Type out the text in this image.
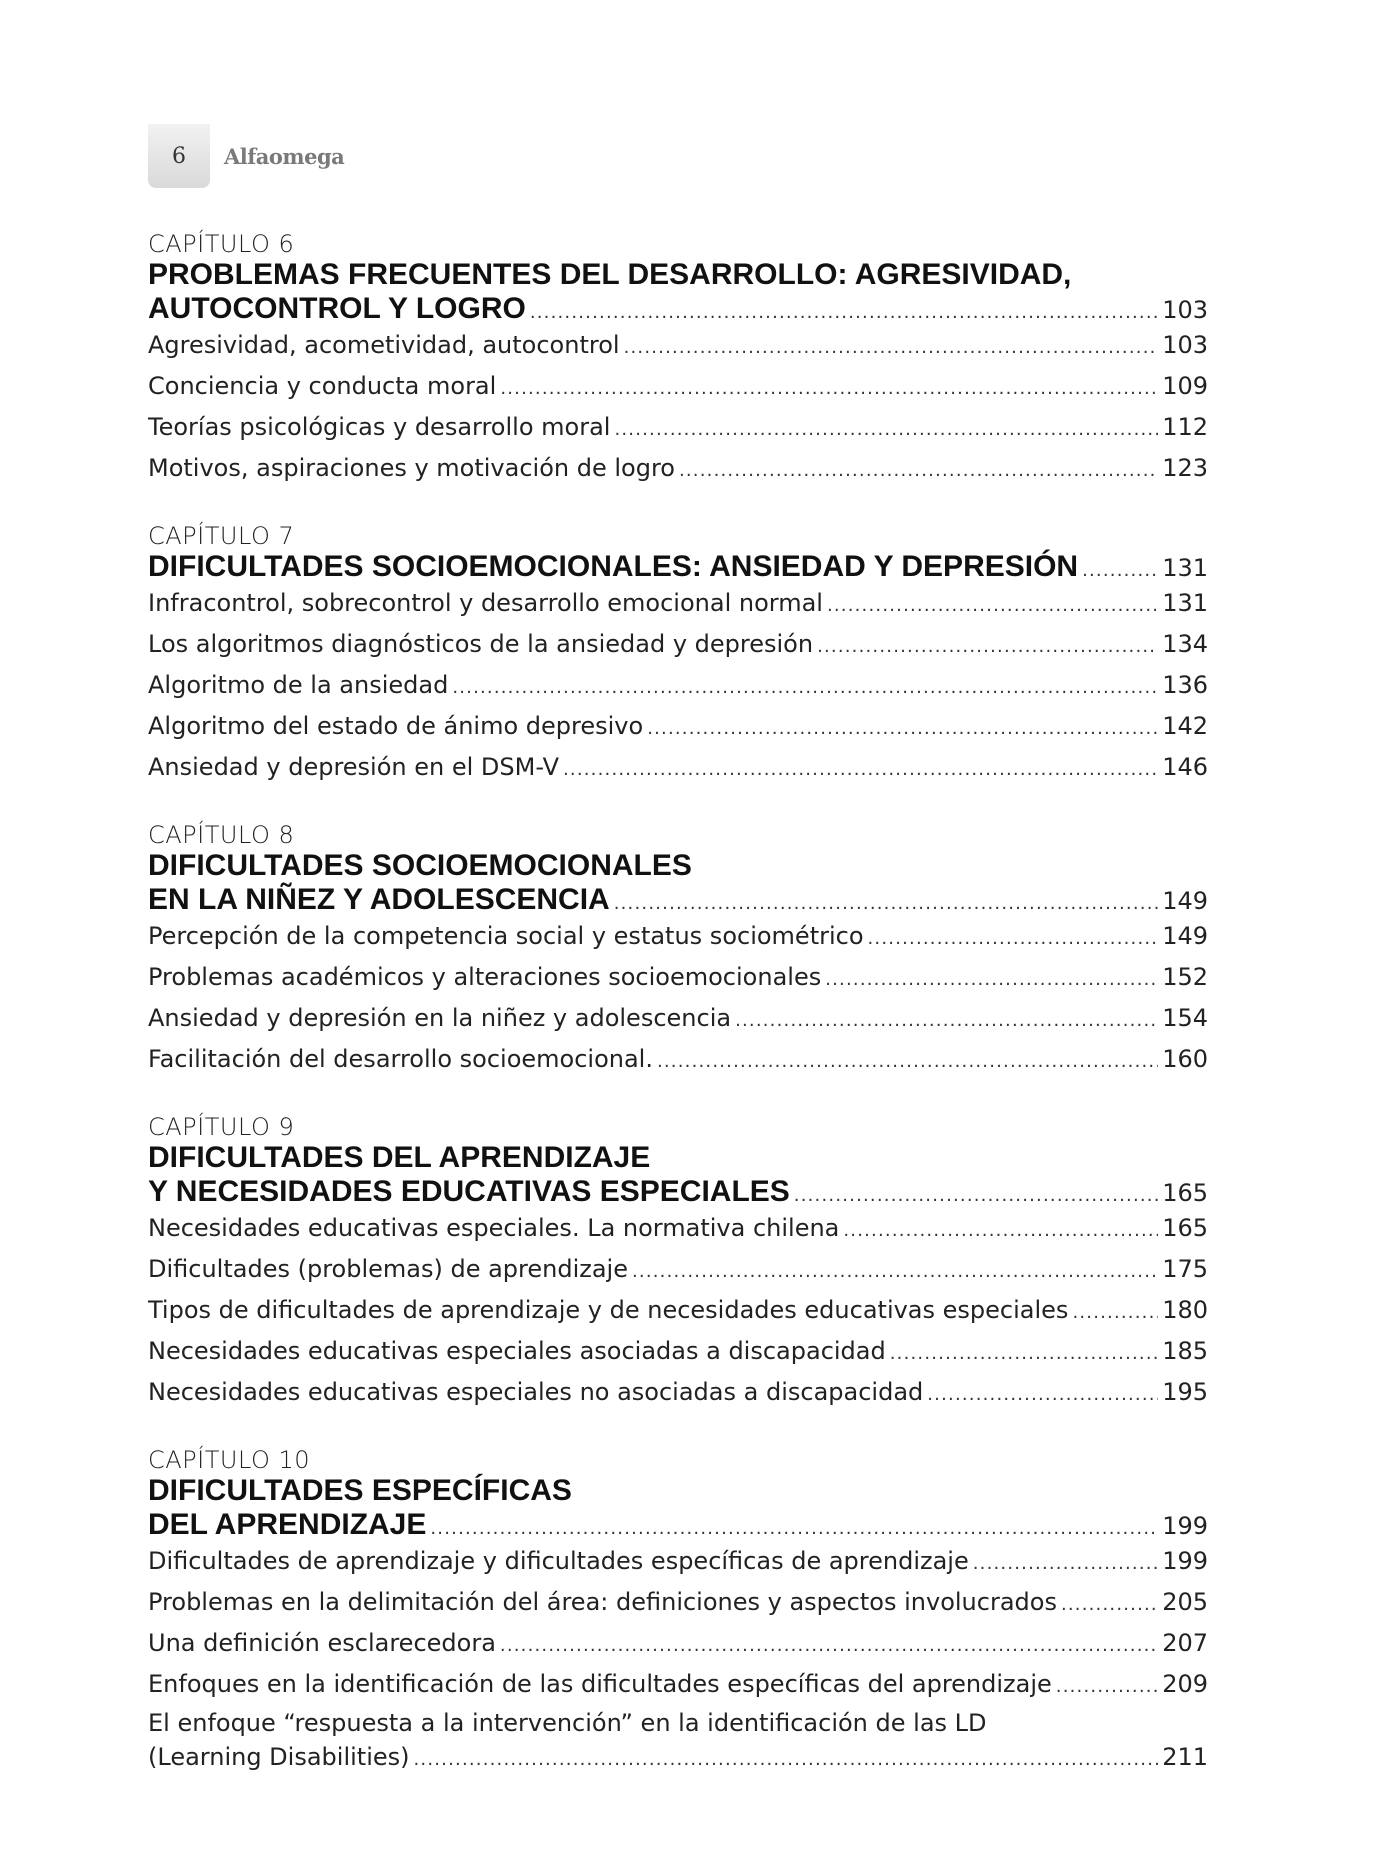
6	Alfaomega
CAPÍTULO 6
PROBLEMAS FRECUENTES DEL DESARROLLO: AGRESIVIDAD,
AUTOCONTROL Y LOGRO .....	103
Agresividad, acometividad, autocontrol .....	103
Conciencia y conducta moral .....	109
Teorías psicológicas y desarrollo moral .....	112
Motivos, aspiraciones y motivación de logro .....	123
CAPÍTULO 7
DIFICULTADES SOCIOEMOCIONALES: ANSIEDAD Y DEPRESIÓN .....	131
Infracontrol, sobrecontrol y desarrollo emocional normal .....	131
Los algoritmos diagnósticos de la ansiedad y depresión .....	134
Algoritmo de la ansiedad .....	136
Algoritmo del estado de ánimo depresivo .....	142
Ansiedad y depresión en el DSM-V .....	146
CAPÍTULO 8
DIFICULTADES SOCIOEMOCIONALES
EN LA NIÑEZ Y ADOLESCENCIA .....	149
Percepción de la competencia social y estatus sociométrico .....	149
Problemas académicos y alteraciones socioemocionales .....	152
Ansiedad y depresión en la niñez y adolescencia .....	154
Facilitación del desarrollo socioemocional. .....	160
CAPÍTULO 9
DIFICULTADES DEL APRENDIZAJE
Y NECESIDADES EDUCATIVAS ESPECIALES .....	165
Necesidades educativas especiales. La normativa chilena .....	165
Dificultades (problemas) de aprendizaje .....	175
Tipos de dificultades de aprendizaje y de necesidades educativas especiales .....	180
Necesidades educativas especiales asociadas a discapacidad .....	185
Necesidades educativas especiales no asociadas a discapacidad .....	195
CAPÍTULO 10
DIFICULTADES ESPECÍFICAS
DEL APRENDIZAJE .....	199
Dificultades de aprendizaje y dificultades específicas de aprendizaje .....	199
Problemas en la delimitación del área: definiciones y aspectos involucrados .....	205
Una definición esclarecedora .....	207
Enfoques en la identificación de las dificultades específicas del aprendizaje .....	209
El enfoque “respuesta a la intervención” en la identificación de las LD
(Learning Disabilities) .....	211
